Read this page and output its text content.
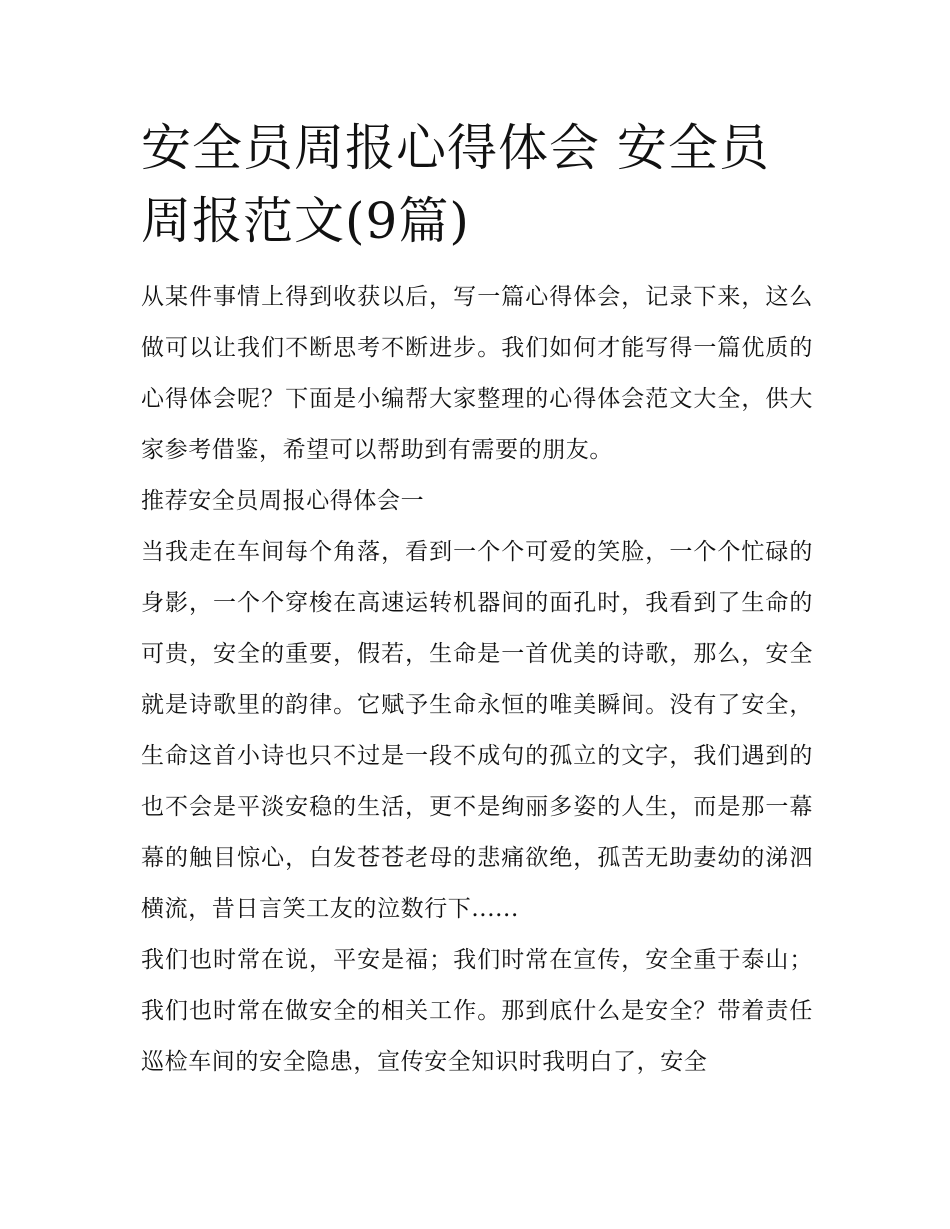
安全员周报心得体会 安全员周报范文(9篇)

从某件事情上得到收获以后，写一篇心得体会，记录下来，这么做可以让我们不断思考不断进步。我们如何才能写得一篇优质的心得体会呢？下面是小编帮大家整理的心得体会范文大全，供大家参考借鉴，希望可以帮助到有需要的朋友。

推荐安全员周报心得体会一

当我走在车间每个角落，看到一个个可爱的笑脸，一个个忙碌的身影，一个个穿梭在高速运转机器间的面孔时，我看到了生命的可贵，安全的重要，假若，生命是一首优美的诗歌，那么，安全就是诗歌里的韵律。它赋予生命永恒的唯美瞬间。没有了安全，生命这首小诗也只不过是一段不成句的孤立的文字，我们遇到的也不会是平淡安稳的生活，更不是绚丽多姿的人生，而是那一幕幕的触目惊心，白发苍苍老母的悲痛欲绝，孤苦无助妻幼的涕泗横流，昔日言笑工友的泣数行下......

我们也时常在说，平安是福；我们时常在宣传，安全重于泰山；我们也时常在做安全的相关工作。那到底什么是安全？带着责任巡检车间的安全隐患，宣传安全知识时我明白了，安全
